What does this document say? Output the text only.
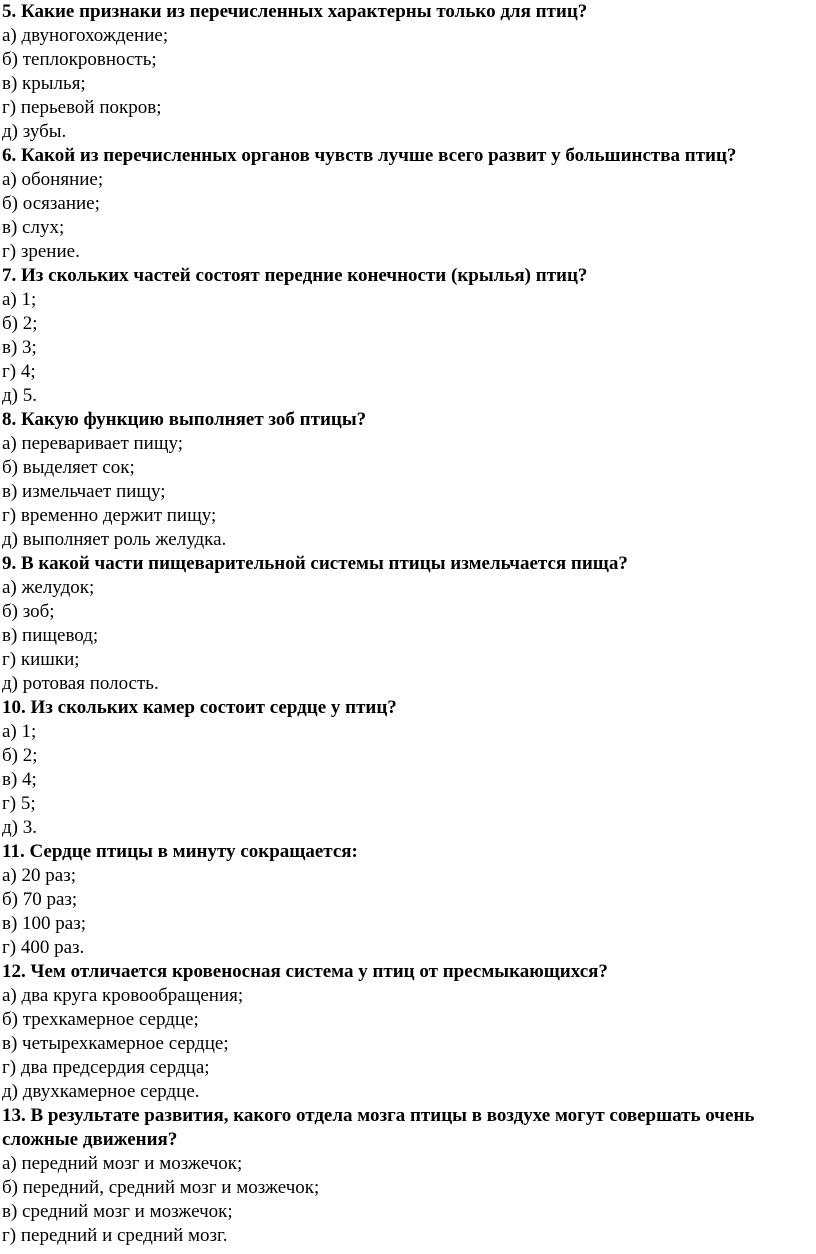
5. Какие признаки из перечисленных характерны только для птиц?
а) двуногохождение;
б) теплокровность;
в) крылья;
г) перьевой покров;
д) зубы.
6. Какой из перечисленных органов чувств лучше всего развит у большинства птиц?
а) обоняние;
б) осязание;
в) слух;
г) зрение.
7. Из скольких частей состоят передние конечности (крылья) птиц?
а) 1;
б) 2;
в) 3;
г) 4;
д) 5.
8. Какую функцию выполняет зоб птицы?
а) переваривает пищу;
б) выделяет сок;
в) измельчает пищу;
г) временно держит пищу;
д) выполняет роль желудка.
9. В какой части пищеварительной системы птицы измельчается пища?
а) желудок;
б) зоб;
в) пищевод;
г) кишки;
д) ротовая полость.
10. Из скольких камер состоит сердце у птиц?
а) 1;
б) 2;
в) 4;
г) 5;
д) 3.
11. Сердце птицы в минуту сокращается:
а) 20 раз;
б) 70 раз;
в) 100 раз;
г) 400 раз.
12. Чем отличается кровеносная система у птиц от пресмыкающихся?
а) два круга кровообращения;
б) трехкамерное сердце;
в) четырехкамерное сердце;
г) два предсердия сердца;
д) двухкамерное сердце.
13. В результате развития, какого отдела мозга птицы в воздухе могут совершать очень сложные движения?
а) передний мозг и мозжечок;
б) передний, средний мозг и мозжечок;
в) средний мозг и мозжечок;
г) передний и средний мозг.
